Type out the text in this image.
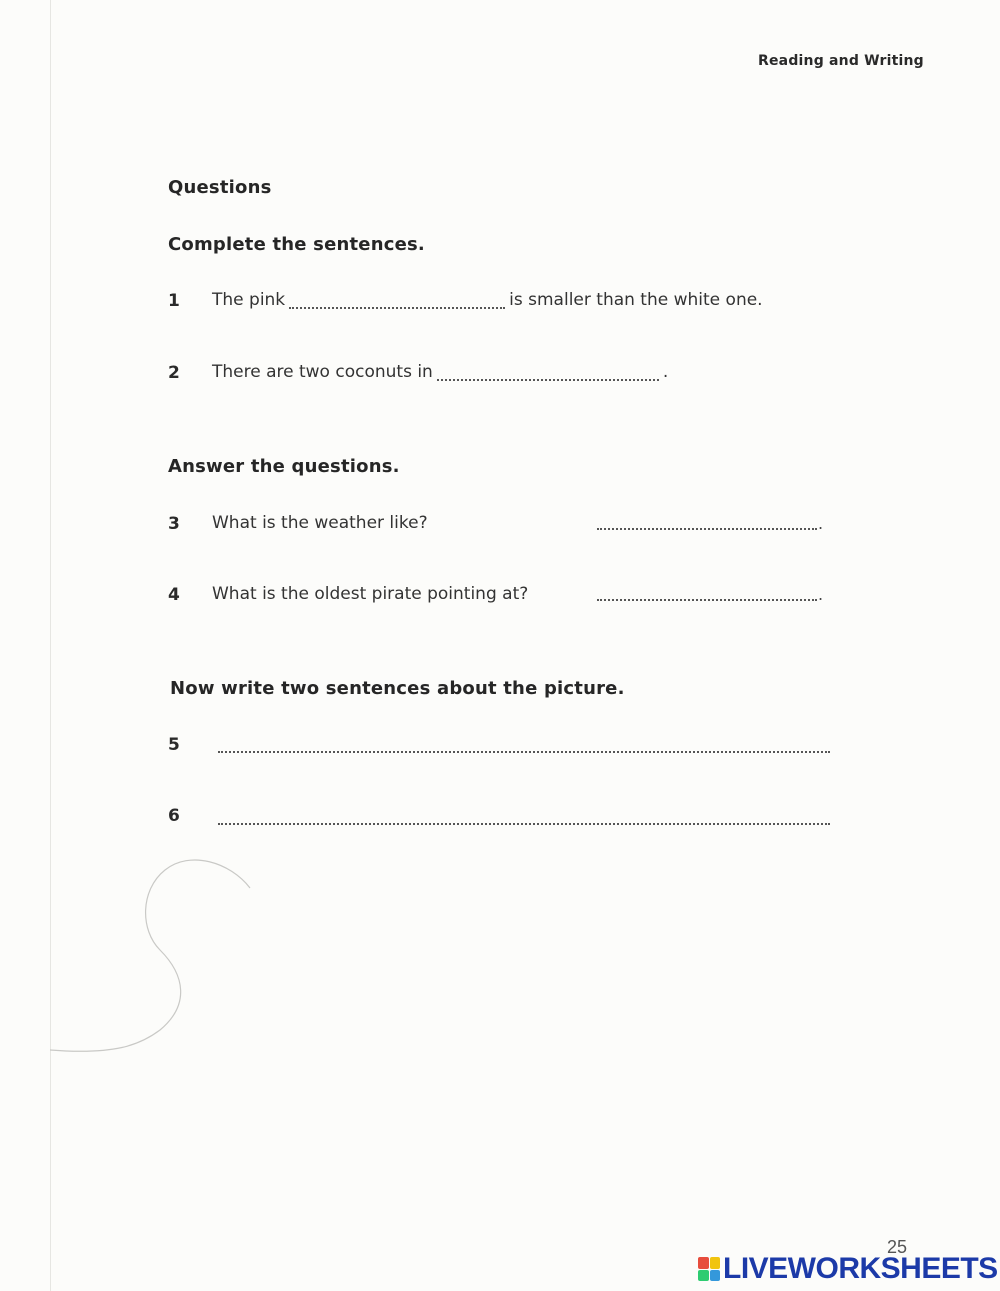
Reading and Writing
Questions
Complete the sentences.
1 The pink	is smaller than the white one.
2 There are two coconuts in	.
Answer the questions.
3 What is the weather like?	.
4 What is the oldest pirate pointing at?	.
Now write two sentences about the picture.
5
6
25
LIVEWORKSHEETS
